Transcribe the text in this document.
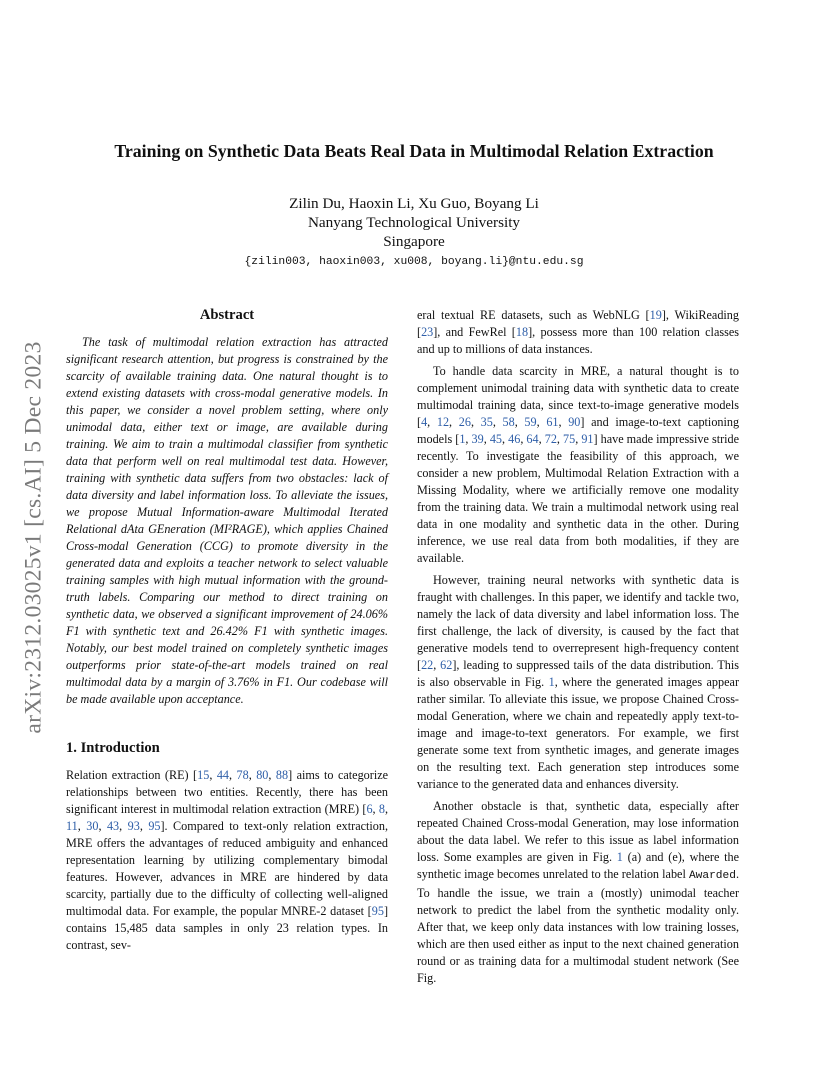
arXiv:2312.03025v1 [cs.AI] 5 Dec 2023
Training on Synthetic Data Beats Real Data in Multimodal Relation Extraction
Zilin Du, Haoxin Li, Xu Guo, Boyang Li
Nanyang Technological University
Singapore
{zilin003, haoxin003, xu008, boyang.li}@ntu.edu.sg
Abstract

The task of multimodal relation extraction has attracted significant research attention, but progress is constrained by the scarcity of available training data. One natural thought is to extend existing datasets with cross-modal generative models. In this paper, we consider a novel problem setting, where only unimodal data, either text or image, are available during training. We aim to train a multimodal classifier from synthetic data that perform well on real multimodal test data. However, training with synthetic data suffers from two obstacles: lack of data diversity and label information loss. To alleviate the issues, we propose Mutual Information-aware Multimodal Iterated Relational dAta GEneration (MI²RAGE), which applies Chained Cross-modal Generation (CCG) to promote diversity in the generated data and exploits a teacher network to select valuable training samples with high mutual information with the ground-truth labels. Comparing our method to direct training on synthetic data, we observed a significant improvement of 24.06% F1 with synthetic text and 26.42% F1 with synthetic images. Notably, our best model trained on completely synthetic images outperforms prior state-of-the-art models trained on real multimodal data by a margin of 3.76% in F1. Our codebase will be made available upon acceptance.

1. Introduction

Relation extraction (RE) [15, 44, 78, 80, 88] aims to categorize relationships between two entities. Recently, there has been significant interest in multimodal relation extraction (MRE) [6, 8, 11, 30, 43, 93, 95]. Compared to text-only relation extraction, MRE offers the advantages of reduced ambiguity and enhanced representation learning by utilizing complementary bimodal features. However, advances in MRE are hindered by data scarcity, partially due to the difficulty of collecting well-aligned multimodal data. For example, the popular MNRE-2 dataset [95] contains 15,485 data samples in only 23 relation types. In contrast, sev-

eral textual RE datasets, such as WebNLG [19], WikiReading [23], and FewRel [18], possess more than 100 relation classes and up to millions of data instances.

To handle data scarcity in MRE, a natural thought is to complement unimodal training data with synthetic data to create multimodal training data, since text-to-image generative models [4, 12, 26, 35, 58, 59, 61, 90] and image-to-text captioning models [1, 39, 45, 46, 64, 72, 75, 91] have made impressive stride recently. To investigate the feasibility of this approach, we consider a new problem, Multimodal Relation Extraction with a Missing Modality, where we artificially remove one modality from the training data. We train a multimodal network using real data in one modality and synthetic data in the other. During inference, we use real data from both modalities, if they are available.

However, training neural networks with synthetic data is fraught with challenges. In this paper, we identify and tackle two, namely the lack of data diversity and label information loss. The first challenge, the lack of diversity, is caused by the fact that generative models tend to overrepresent high-frequency content [22, 62], leading to suppressed tails of the data distribution. This is also observable in Fig. 1, where the generated images appear rather similar. To alleviate this issue, we propose Chained Cross-modal Generation, where we chain and repeatedly apply text-to-image and image-to-text generators. For example, we first generate some text from synthetic images, and generate images on the resulting text. Each generation step introduces some variance to the generated data and enhances diversity.

Another obstacle is that, synthetic data, especially after repeated Chained Cross-modal Generation, may lose information about the data label. We refer to this issue as label information loss. Some examples are given in Fig. 1 (a) and (e), where the synthetic image becomes unrelated to the relation label Awarded. To handle the issue, we train a (mostly) unimodal teacher network to predict the label from the synthetic modality only. After that, we keep only data instances with low training losses, which are then used either as input to the next chained generation round or as training data for a multimodal student network (See Fig.
